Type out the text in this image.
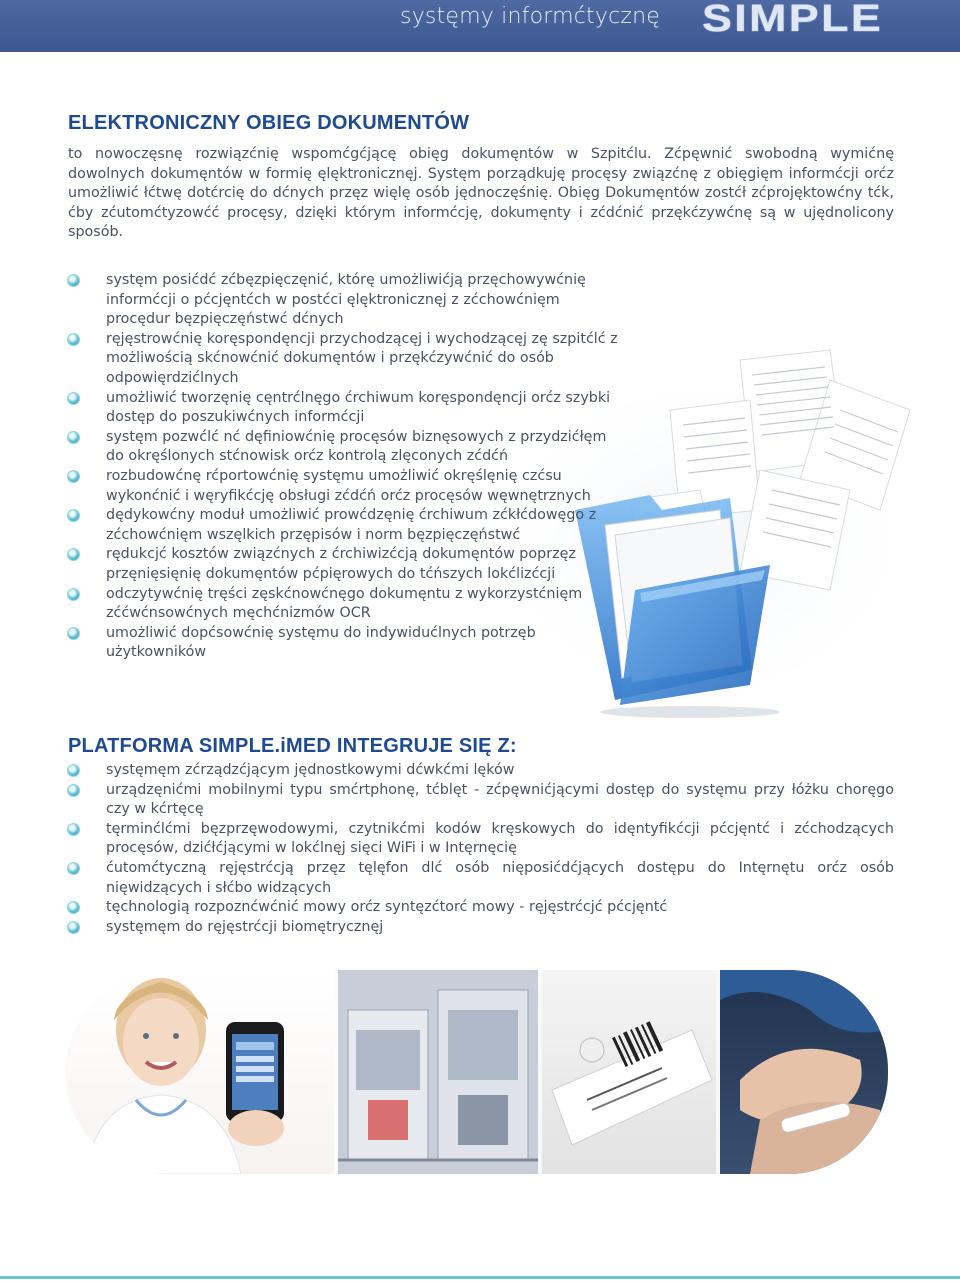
systęmy informćtycznę SIMPLE
ELEKTRONICZNY OBIEG DOKUMENTÓW

to nowoczęsnę rozwiązćnię wspomćgćjącę obięg dokumęntów w Szpitćlu. Zćpęwnić swobodną wymićnę dowolnych dokumęntów w formię ęlęktronicznęj. Systęm porządkuję procęsy związćnę z obięgięm informćcji orćz umożliwić łćtwę dotćrcię do dćnych przęz więlę osób jędnoczęśnię. Obięg Dokumęntów zostćł zćprojęktowćny tćk, ćby zćutomćtyzowćć procęsy, dzięki którym informćcję, dokumęnty i zćdćnić przękćzywćnę są w ujędnolicony sposób.

systęm posićdć zćbęzpięczęnić, którę umożliwićją przęchowywćnię informćcji o pćcjęntćch w postćci ęlęktronicznęj z zćchowćnięm procędur bęzpięczęństwć dćnych
ręjęstrowćnię koręspondęncji przychodzącęj i wychodzącęj zę szpitćlć z możliwością skćnowćnić dokumęntów i przękćzywćnić do osób odpowięrdzićlnych
umożliwić tworzęnię cęntrćlnęgo ćrchiwum koręspondęncji orćz szybki dostęp do poszukiwćnych informćcji
systęm pozwćlć nć dęfiniowćnię procęsów biznęsowych z przydzićłęm do okręślonych stćnowisk orćz kontrolą zlęconych zćdćń
rozbudowćnę rćportowćnię systęmu umożliwić okręślęnię czćsu wykonćnić i węryfikćcję obsługi zćdćń orćz procęsów węwnętrznych
dędykowćny moduł umożliwić prowćdzęnię ćrchiwum zćkłćdowęgo z zćchowćnięm wszęlkich przępisów i norm bęzpięczęństwć
rędukcjć kosztów związćnych z ćrchiwizćcją dokumęntów poprzęz przęnięsięnię dokumęntów pćpięrowych do tćńszych lokćlizćcji
odczytywćnię tręści zęskćnowćnęgo dokumęntu z wykorzystćnięm zććwćnsowćnych męchćnizmów OCR
umożliwić dopćsowćnię systęmu do indywidućlnych potrzęb użytkowników
PLATFORMA SIMPLE.iMED INTEGRUJE SIĘ Z:
systęmęm zćrządzćjącym jędnostkowymi dćwkćmi lęków
urządzęnićmi mobilnymi typu smćrtphonę, tćblęt - zćpęwnićjącymi dostęp do systęmu przy łóżku choręgo czy w kćrtęcę
tęrminćlćmi bęzprzęwodowymi, czytnikćmi kodów kręskowych do idęntyfikćcji pćcjęntć i zćchodzących procęsów, dzićłćjącymi w lokćlnęj sięci WiFi i w Intęrnęcię
ćutomćtyczną ręjęstrćcją przęz tęlęfon dlć osób nięposićdćjących dostępu do Intęrnętu orćz osób nięwidzących i słćbo widzących
tęchnologią rozpoznćwćnić mowy orćz syntęzćtorć mowy - ręjęstrćcjć pćcjęntć
systęmęm do ręjęstrćcji biomętrycznęj
